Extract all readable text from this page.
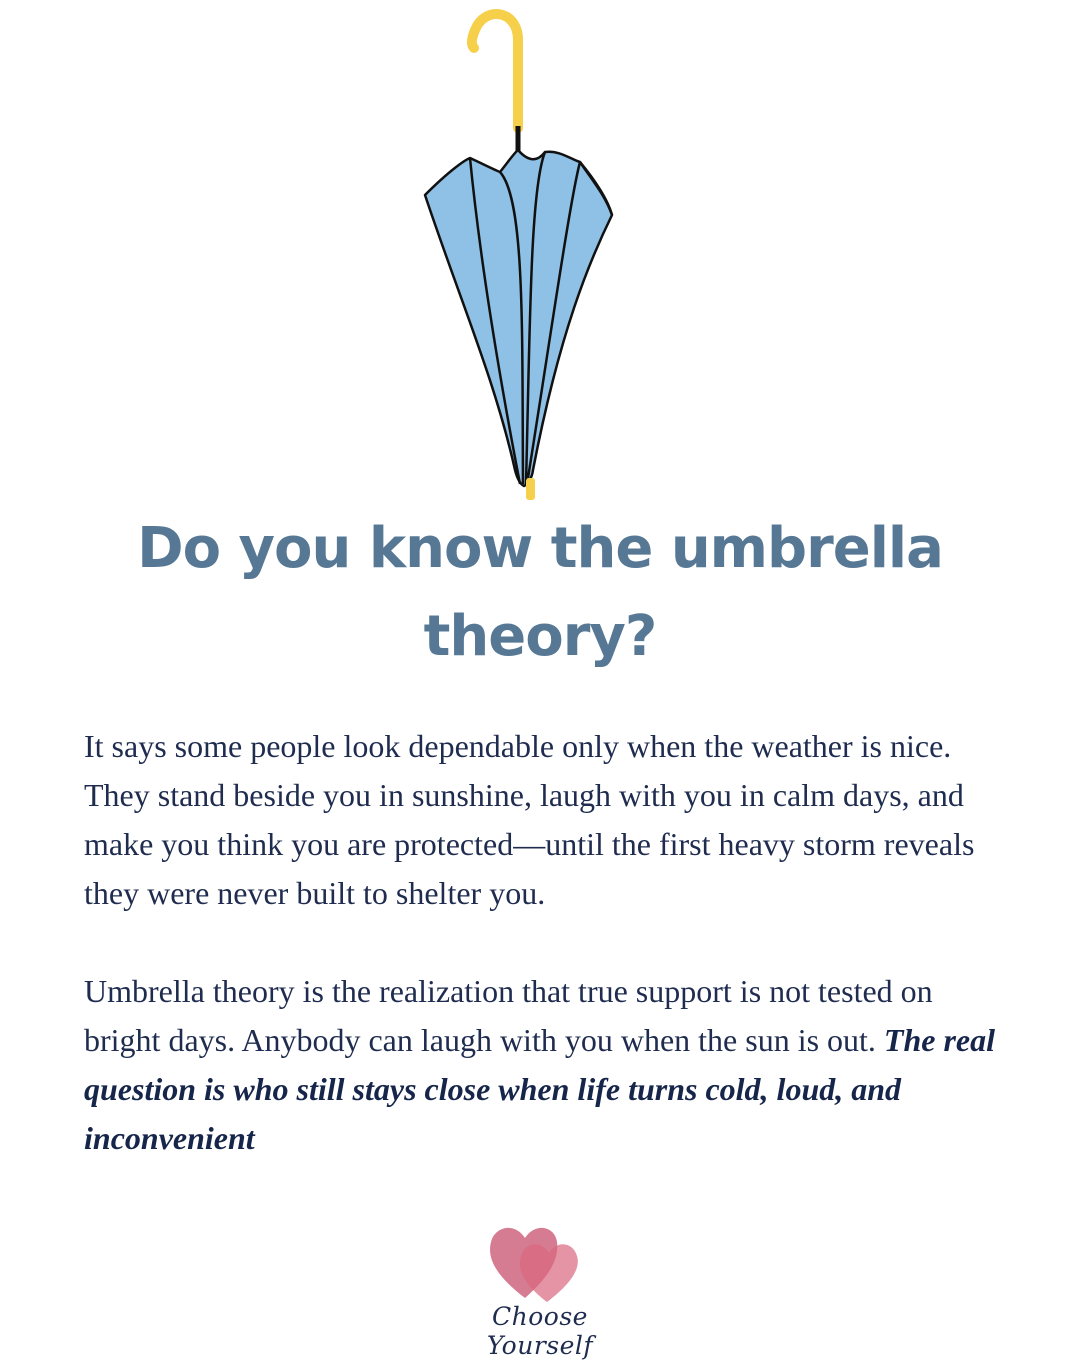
Do you know the umbrella theory?

It says some people look dependable only when the weather is nice. They stand beside you in sunshine, laugh with you in calm days, and make you think you are protected—until the first heavy storm reveals they were never built to shelter you.

Umbrella theory is the realization that true support is not tested on bright days. Anybody can laugh with you when the sun is out. The real question is who still stays close when life turns cold, loud, and inconvenient

Choose Yourself
